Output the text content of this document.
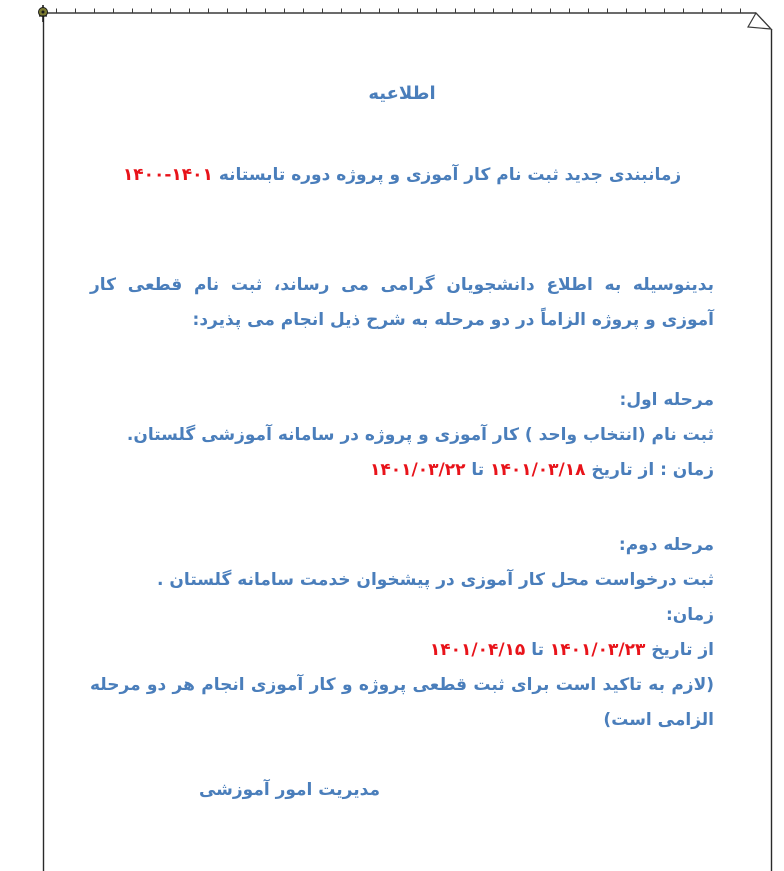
اطلاعیه
زمانبندی جدید ثبت نام کار آموزی و پروژه دوره تابستانه ۱۴۰۰-۱۴۰۱
بدینوسیله به اطلاع دانشجویان گرامی می رساند، ثبت نام قطعی کار آموزی و پروژه الزاماً در دو مرحله به شرح ذیل انجام می پذیرد:
مرحله اول:
ثبت نام (انتخاب واحد ) کار آموزی و پروژه در سامانه آموزشی گلستان.
زمان : از تاریخ ۱۴۰۱/۰۳/۱۸ تا ۱۴۰۱/۰۳/۲۲
مرحله دوم:
ثبت درخواست محل کار آموزی در پیشخوان خدمت سامانه گلستان .
زمان:
از تاریخ ۱۴۰۱/۰۳/۲۳ تا ۱۴۰۱/۰۴/۱۵
(لازم به تاکید است برای ثبت قطعی پروژه و کار آموزی انجام هر دو مرحله الزامی است)
مدیریت امور آموزشی
